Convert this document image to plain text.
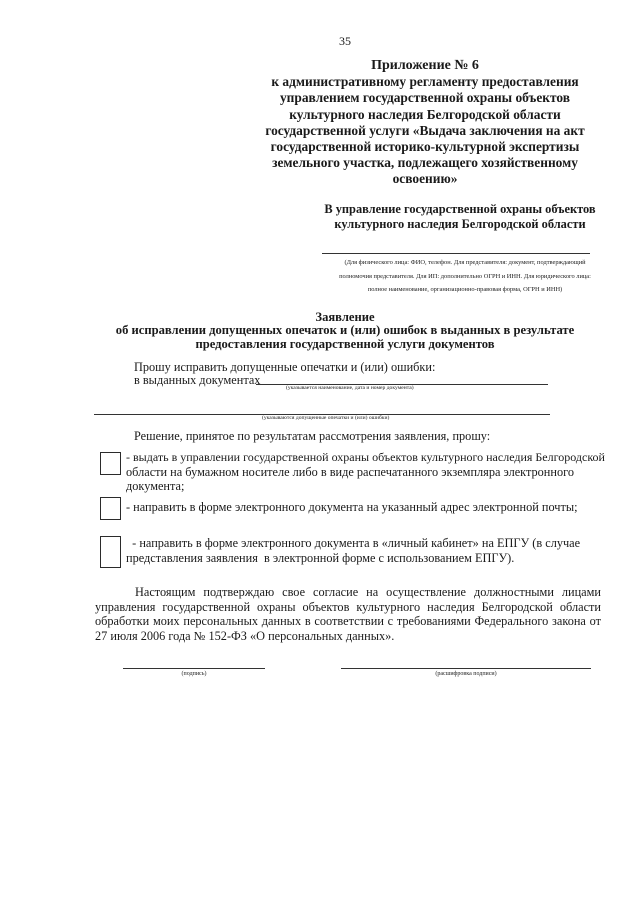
35
Приложение № 6
к административному регламенту предоставления
управлением государственной охраны объектов
культурного наследия Белгородской области
государственной услуги «Выдача заключения на акт
государственной историко-культурной экспертизы
земельного участка, подлежащего хозяйственному
освоению»
В управление государственной охраны объектов
культурного наследия Белгородской области
(Для физического лица: ФИО, телефон. Для представителя: документ, подтверждающий
полномочия представителя. Для ИП: дополнительно ОГРН и ИНН. Для юридического лица:
полное наименование, организационно-правовая форма, ОГРН и ИНН)
Заявление
об исправлении допущенных опечаток и (или) ошибок в выданных в результате
предоставления государственной услуги документов
Прошу исправить допущенные опечатки и (или) ошибки:
в выданных документах
(указывается наименование, дата и номер документа)
(указываются допущенные опечатки и (или) ошибки)
Решение, принятое по результатам рассмотрения заявления, прошу:
- выдать в управлении государственной охраны объектов культурного наследия Белгородской
области на бумажном носителе либо в виде распечатанного экземпляра электронного
документа;
- направить в форме электронного документа на указанный адрес электронной почты;
- направить в форме электронного документа в «личный кабинет» на ЕПГУ (в случае
представления заявления  в электронной форме с использованием ЕПГУ).
Настоящим подтверждаю свое согласие на осуществление должностными лицами управления государственной охраны объектов культурного наследия Белгородской области обработки моих персональных данных в соответствии с требованиями Федерального закона от 27 июля 2006 года № 152-ФЗ «О персональных данных».
(подпись)	(расшифровка подписи)
